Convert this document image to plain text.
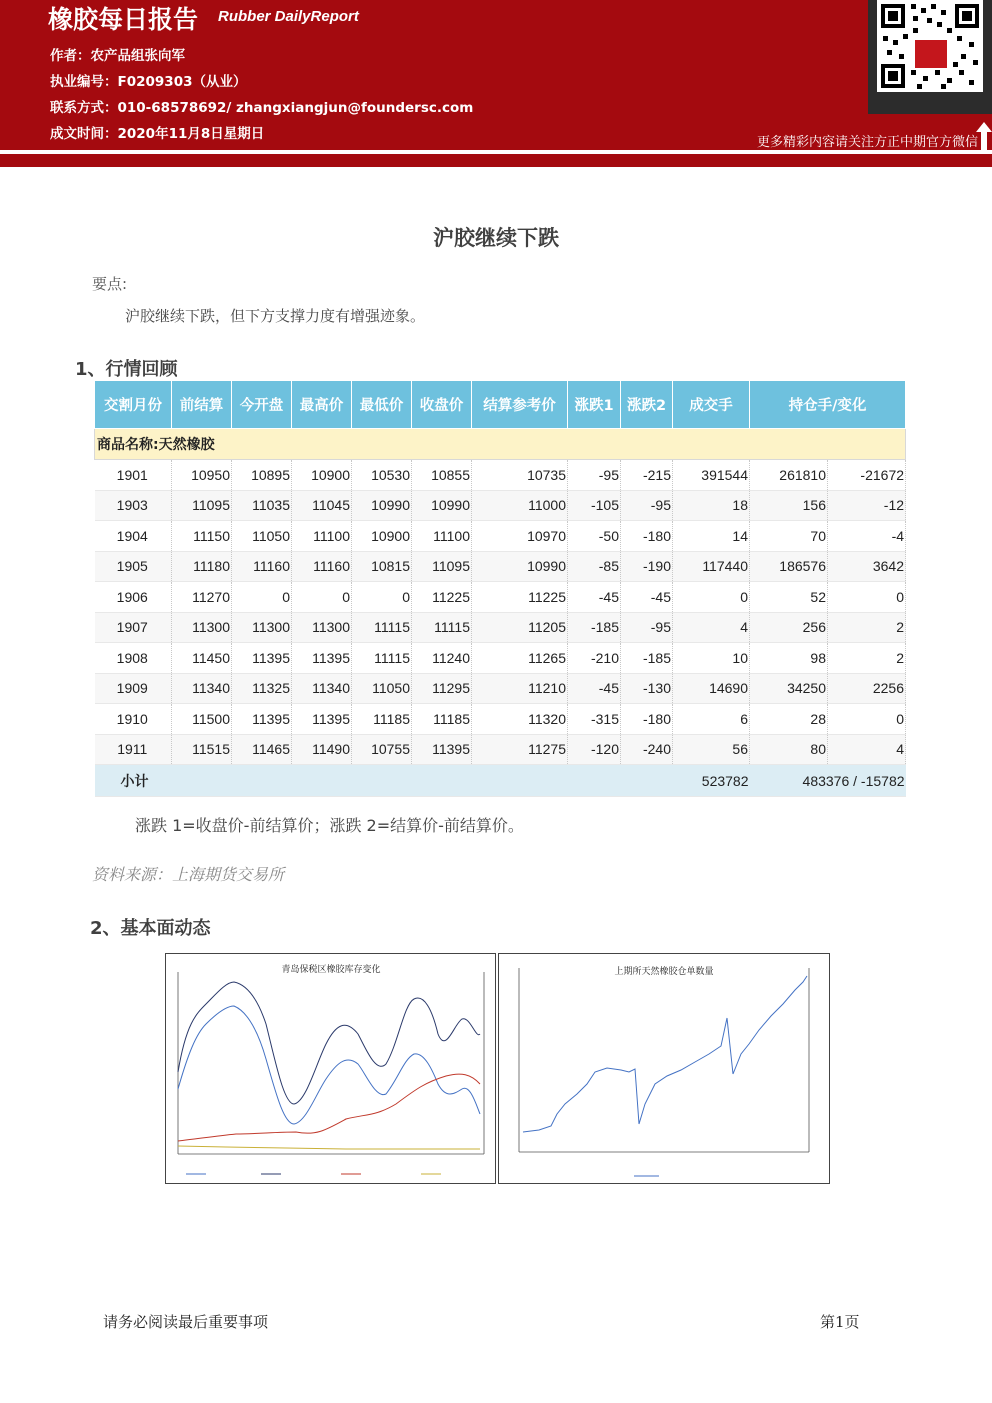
橡胶每日报告 Rubber DailyReport
作者：农产品组张向军
执业编号：F0209303（从业）
联系方式：010-68578692/ zhangxiangjun@foundersc.com
成文时间：2020年11月8日星期日
更多精彩内容请关注方正中期官方微信
沪胶继续下跌
要点:
沪胶继续下跌，但下方支撑力度有增强迹象。
1、行情回顾
交割月份	前结算	今开盘	最高价	最低价	收盘价	结算参考价	涨跌1	涨跌2	成交手	持仓手/变化	
商品名称:天然橡胶											
1901	10950	10895	10900	10530	10855	10735	-95	-215	391544	261810	-21672
1903	11095	11035	11045	10990	10990	11000	-105	-95	18	156	-12
1904	11150	11050	11100	10900	11100	10970	-50	-180	14	70	-4
1905	11180	11160	11160	10815	11095	10990	-85	-190	117440	186576	3642
1906	11270	0	0	0	11225	11225	-45	-45	0	52	0
1907	11300	11300	11300	11115	11115	11205	-185	-95	4	256	2
1908	11450	11395	11395	11115	11240	11265	-210	-185	10	98	2
1909	11340	11325	11340	11050	11295	11210	-45	-130	14690	34250	2256
1910	11500	11395	11395	11185	11185	11320	-315	-180	6	28	0
1911	11515	11465	11490	10755	11395	11275	-120	-240	56	80	4
小计									523782	483376 / -15782	
涨跌 1=收盘价-前结算价；涨跌 2=结算价-前结算价。
资料来源：上海期货交易所
2、基本面动态
青岛保税区橡胶库存变化	上期所天然橡胶仓单数量
请务必阅读最后重要事项	第1页
